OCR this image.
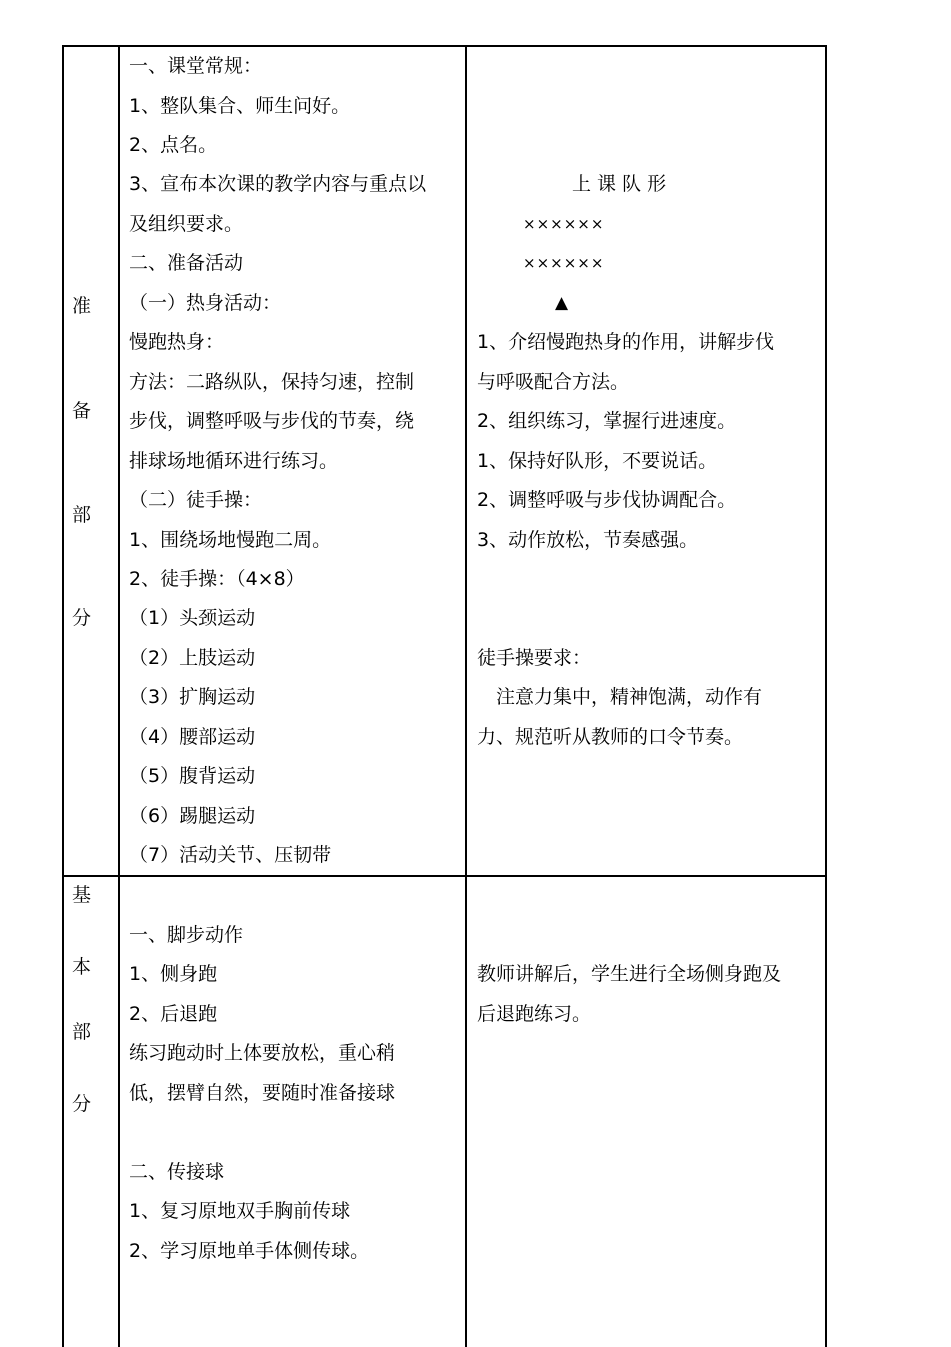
准
备
部
分
一、课堂常规：
1、整队集合、师生问好。
2、点名。
3、宣布本次课的教学内容与重点以
及组织要求。
二、准备活动
（一）热身活动：
慢跑热身：
方法：二路纵队，保持匀速，控制
步伐，调整呼吸与步伐的节奏，绕
排球场地循环进行练习。
（二）徒手操：
1、围绕场地慢跑二周。
2、徒手操：（4×8）
（1）头颈运动
（2）上肢运动
（3）扩胸运动
（4）腰部运动
（5）腹背运动
（6）踢腿运动
（7）活动关节、压韧带
上 课 队 形
××××××
××××××
▲
1、介绍慢跑热身的作用，讲解步伐
与呼吸配合方法。
2、组织练习，掌握行进速度。
1、保持好队形，不要说话。
2、调整呼吸与步伐协调配合。
3、动作放松，节奏感强。
徒手操要求：
　注意力集中，精神饱满，动作有
力、规范听从教师的口令节奏。
基
本
部
分
一、脚步动作
1、侧身跑
2、后退跑
练习跑动时上体要放松，重心稍
低，摆臂自然，要随时准备接球
二、传接球
1、复习原地双手胸前传球
2、学习原地单手体侧传球。
教师讲解后，学生进行全场侧身跑及
后退跑练习。
